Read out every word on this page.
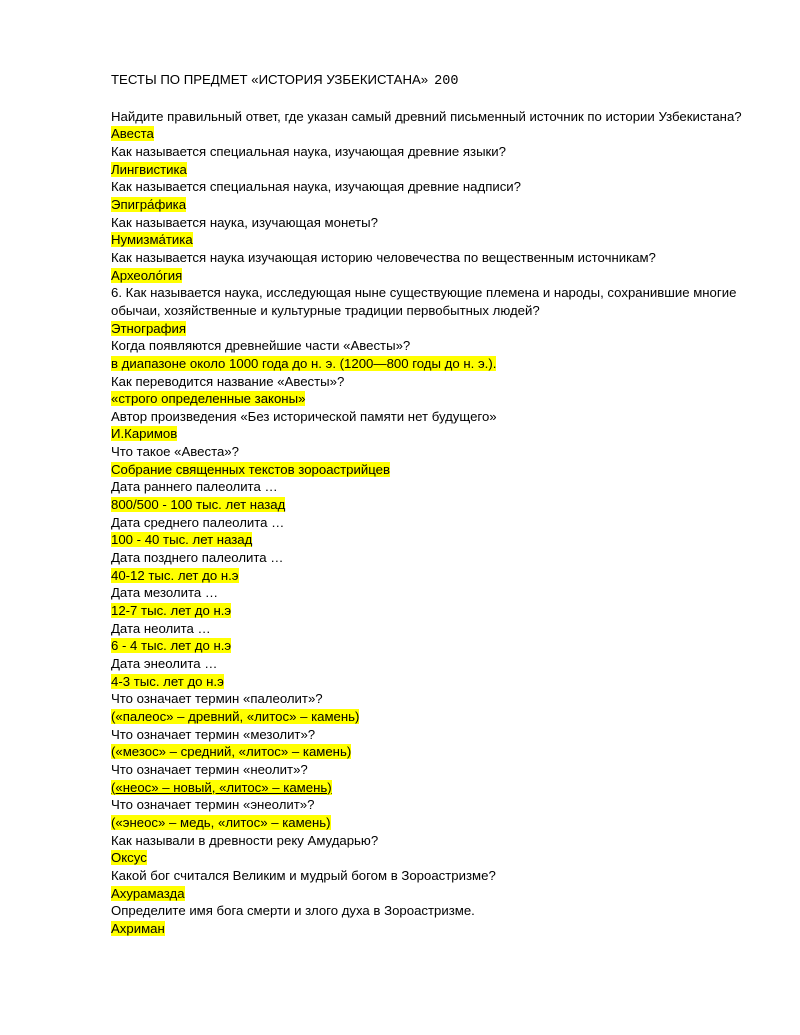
ТЕСТЫ ПО ПРЕДМЕТ «ИСТОРИЯ УЗБЕКИСТАНА» 200

Найдите правильный ответ, где указан самый древний письменный источник по истории Узбекистана?

Авеста

Как называется специальная наука, изучающая древние языки?

Лингвистика

Как называется специальная наука, изучающая древние надписи?

Эпигра́фика

Как называется наука, изучающая монеты?

Нумизма́тика

Как называется наука изучающая историю человечества по вещественным источникам?

Археоло́гия

6. Как называется наука, исследующая ныне существующие племена и народы, сохранившие многие обычаи, хозяйственные и культурные традиции первобытных людей?

Этнография

Когда появляются древнейшие части «Авесты»?

в диапазоне около 1000 года до н. э. (1200—800 годы до н. э.).

Как переводится название «Авесты»?

«строго определенные законы»

Автор произведения «Без исторической памяти нет будущего»

И.Каримов

Что такое «Авеста»?

Собрание священных текстов зороастрийцев

Дата раннего палеолита …

800/500 - 100 тыс. лет назад

Дата среднего палеолита …

100 - 40 тыс. лет назад

Дата позднего палеолита …

40-12 тыс. лет до н.э

Дата мезолита …

12-7 тыс. лет до н.э

Дата неолита …

6 - 4 тыс. лет до н.э

Дата энеолита …

4-3 тыс. лет до н.э

Что означает термин «палеолит»?

(«палеос» – древний, «литос» – камень)

Что означает термин «мезолит»?

(«мезос» – средний, «литос» – камень)

Что означает термин «неолит»?

(«неос» – новый, «литос» – камень)

Что означает термин «энеолит»?

(«энеос» – медь, «литос» – камень)

Как называли в древности реку Амударью?

Оксус

Какой бог считался Великим и мудрый богом в Зороастризме?

Ахурамазда

Определите имя бога смерти и злого духа в Зороастризме.

Ахриман
